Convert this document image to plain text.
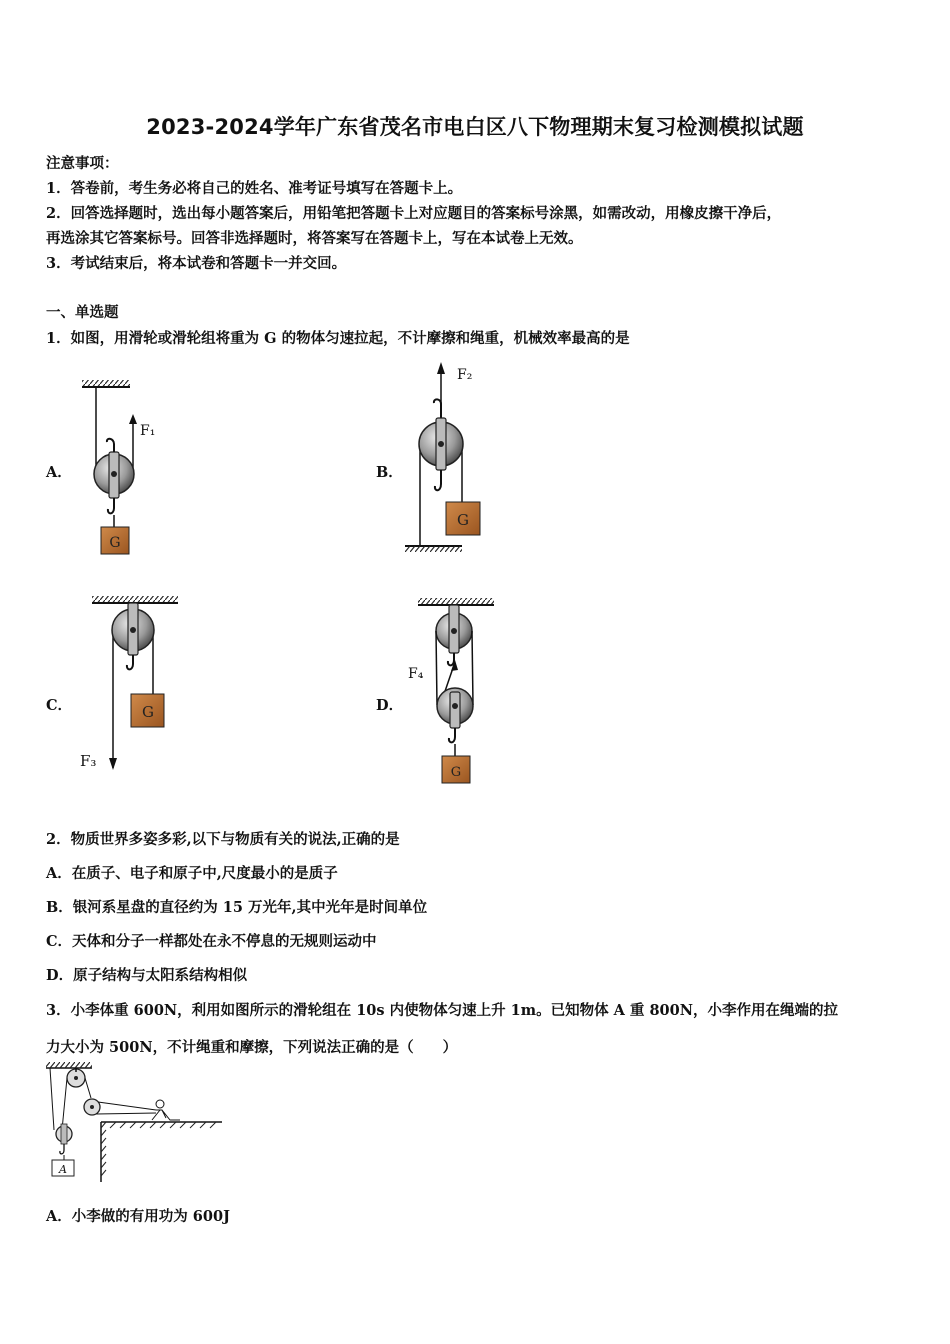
2023-2024学年广东省茂名市电白区八下物理期末复习检测模拟试题
注意事项：
1．答卷前，考生务必将自己的姓名、准考证号填写在答题卡上。
2．回答选择题时，选出每小题答案后，用铅笔把答题卡上对应题目的答案标号涂黑，如需改动，用橡皮擦干净后，
再选涂其它答案标号。回答非选择题时，将答案写在答题卡上，写在本试卷上无效。
3．考试结束后，将本试卷和答题卡一并交回。
一、单选题
1．如图，用滑轮或滑轮组将重为 G 的物体匀速拉起，不计摩擦和绳重，机械效率最高的是
A．	B．
C．	D．
G
F₁
F₂
G
F₃
G
F₄
G
2．物质世界多姿多彩,以下与物质有关的说法,正确的是
A．在质子、电子和原子中,尺度最小的是质子
B．银河系星盘的直径约为 15 万光年,其中光年是时间单位
C．天体和分子一样都处在永不停息的无规则运动中
D．原子结构与太阳系结构相似
3．小李体重 600N，利用如图所示的滑轮组在 10s 内使物体匀速上升 1m。已知物体 A 重 800N，小李作用在绳端的拉
力大小为 500N，不计绳重和摩擦，下列说法正确的是（　　）
A
A．小李做的有用功为 600J
